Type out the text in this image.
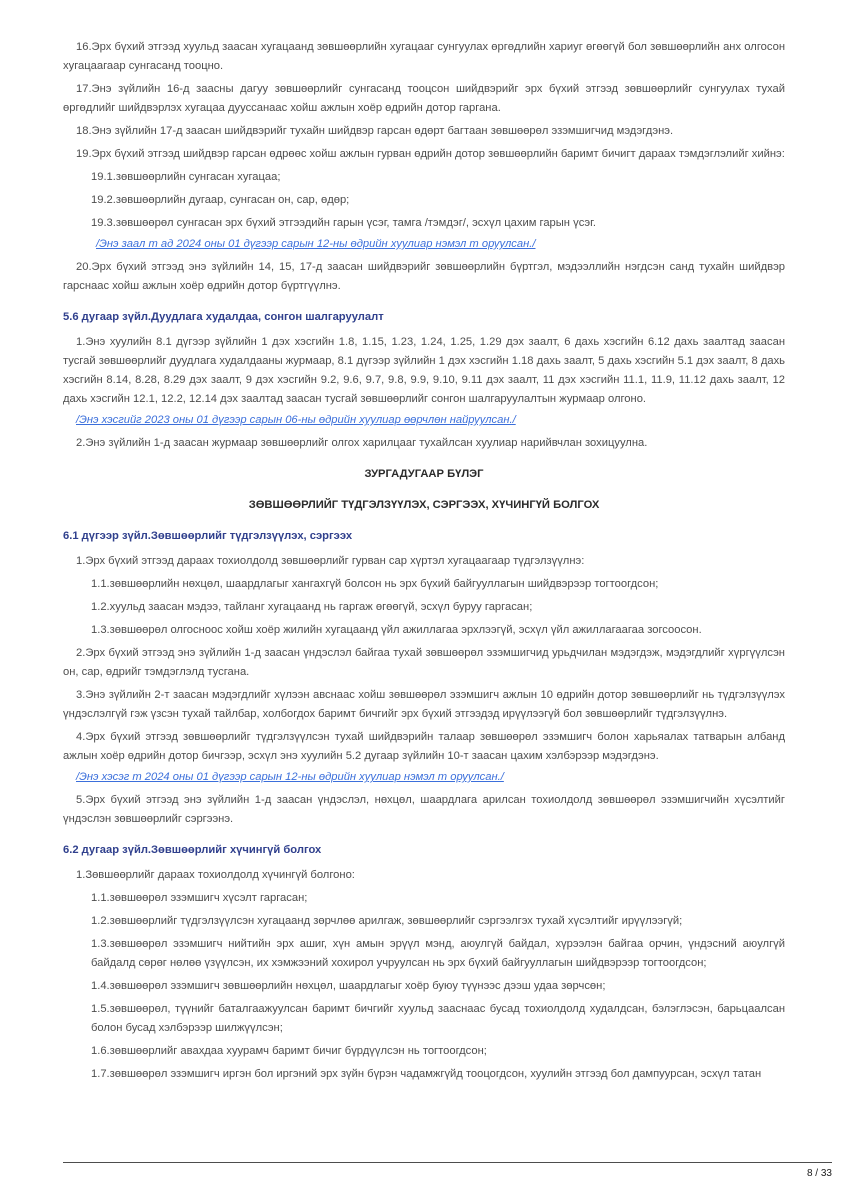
16.Эрх бүхий этгээд хуульд заасан хугацаанд зөвшөөрлийн хугацааг сунгуулах өргөдлийн хариуг өгөөгүй бол зөвшөөрлийн анх олгосон хугацаагаар сунгасанд тооцно.
17.Энэ зүйлийн 16-д заасны дагуу зөвшөөрлийг сунгасанд тооцсон шийдвэрийг эрх бүхий этгээд зөвшөөрлийг сунгуулах тухай өргөдлийг шийдвэрлэх хугацаа дууссанаас хойш ажлын хоёр өдрийн дотор гаргана.
18.Энэ зүйлийн 17-д заасан шийдвэрийг тухайн шийдвэр гарсан өдөрт багтаан зөвшөөрөл эзэмшигчид мэдэгдэнэ.
19.Эрх бүхий этгээд шийдвэр гарсан өдрөөс хойш ажлын гурван өдрийн дотор зөвшөөрлийн баримт бичигт дараах тэмдэглэлийг хийнэ:
19.1.зөвшөөрлийн сунгасан хугацаа;
19.2.зөвшөөрлийн дугаар, сунгасан он, сар, өдөр;
19.3.зөвшөөрөл сунгасан эрх бүхий этгээдийн гарын үсэг, тамга /тэмдэг/, эсхүл цахим гарын үсэг.
/Энэ заал т ад 2024 оны 01 дүгээр сарын 12-ны өдрийн хуулиар нэмэл т оруулсан./
20.Эрх бүхий этгээд энэ зүйлийн 14, 15, 17-д заасан шийдвэрийг зөвшөөрлийн бүртгэл, мэдээллийн нэгдсэн санд тухайн шийдвэр гарснаас хойш ажлын хоёр өдрийн дотор бүртгүүлнэ.
5.6 дугаар зүйл.Дуудлага худалдаа, сонгон шалгаруулалт
1.Энэ хуулийн 8.1 дүгээр зүйлийн 1 дэх хэсгийн 1.8, 1.15, 1.23, 1.24, 1.25, 1.29 дэх заалт, 6 дахь хэсгийн 6.12 дахь заалтад заасан тусгай зөвшөөрлийг дуудлага худалдааны журмаар, 8.1 дүгээр зүйлийн 1 дэх хэсгийн 1.18 дахь заалт, 5 дахь хэсгийн 5.1 дэх заалт, 8 дахь хэсгийн 8.14, 8.28, 8.29 дэх заалт, 9 дэх хэсгийн 9.2, 9.6, 9.7, 9.8, 9.9, 9.10, 9.11 дэх заалт, 11 дэх хэсгийн 11.1, 11.9, 11.12 дахь заалт, 12 дахь хэсгийн 12.1, 12.2, 12.14 дэх заалтад заасан тусгай зөвшөөрлийг сонгон шалгаруулалтын журмаар олгоно.
/Энэ хэсгийг 2023 оны 01 дүгээр сарын 06-ны өдрийн хуулиар өөрчлөн найруулсан./
2.Энэ зүйлийн 1-д заасан журмаар зөвшөөрлийг олгох харилцааг тухайлсан хуулиар нарийвчлан зохицуулна.
ЗУРГАДУГААР БҮЛЭГ
ЗӨВШӨӨРЛИЙГ ТҮДГЭЛЗҮҮЛЭХ, СЭРГЭЭХ, ХҮЧИНГҮЙ БОЛГОХ
6.1 дүгээр зүйл.Зөвшөөрлийг түдгэлзүүлэх, сэргээх
1.Эрх бүхий этгээд дараах тохиолдолд зөвшөөрлийг гурван сар хүртэл хугацаагаар түдгэлзүүлнэ:
1.1.зөвшөөрлийн нөхцөл, шаардлагыг хангахгүй болсон нь эрх бүхий байгууллагын шийдвэрээр тогтоогдсон;
1.2.хуульд заасан мэдээ, тайланг хугацаанд нь гаргаж өгөөгүй, эсхүл буруу гаргасан;
1.3.зөвшөөрөл олгосноос хойш хоёр жилийн хугацаанд үйл ажиллагаа эрхлээгүй, эсхүл үйл ажиллагаагаа зогсоосон.
2.Эрх бүхий этгээд энэ зүйлийн 1-д заасан үндэслэл байгаа тухай зөвшөөрөл эзэмшигчид урьдчилан мэдэгдэж, мэдэгдлийг хүргүүлсэн он, сар, өдрийг тэмдэглэлд тусгана.
3.Энэ зүйлийн 2-т заасан мэдэгдлийг хүлээн авснаас хойш зөвшөөрөл эзэмшигч ажлын 10 өдрийн дотор зөвшөөрлийг нь түдгэлзүүлэх үндэслэлгүй гэж үзсэн тухай тайлбар, холбогдох баримт бичгийг эрх бүхий этгээдэд ирүүлээгүй бол зөвшөөрлийг түдгэлзүүлнэ.
4.Эрх бүхий этгээд зөвшөөрлийг түдгэлзүүлсэн тухай шийдвэрийн талаар зөвшөөрөл эзэмшигч болон харьяалах татварын албанд ажлын хоёр өдрийн дотор бичгээр, эсхүл энэ хуулийн 5.2 дугаар зүйлийн 10-т заасан цахим хэлбэрээр мэдэгдэнэ.
/Энэ хэсэг т 2024 оны 01 дүгээр сарын 12-ны өдрийн хуулиар нэмэл т оруулсан./
5.Эрх бүхий этгээд энэ зүйлийн 1-д заасан үндэслэл, нөхцөл, шаардлага арилсан тохиолдолд зөвшөөрөл эзэмшигчийн хүсэлтийг үндэслэн зөвшөөрлийг сэргээнэ.
6.2 дугаар зүйл.Зөвшөөрлийг хүчингүй болгох
1.Зөвшөөрлийг дараах тохиолдолд хүчингүй болгоно:
1.1.зөвшөөрөл эзэмшигч хүсэлт гаргасан;
1.2.зөвшөөрлийг түдгэлзүүлсэн хугацаанд зөрчлөө арилгаж, зөвшөөрлийг сэргээлгэх тухай хүсэлтийг ирүүлээгүй;
1.3.зөвшөөрөл эзэмшигч нийтийн эрх ашиг, хүн амын эрүүл мэнд, аюулгүй байдал, хүрээлэн байгаа орчин, үндэсний аюулгүй байдалд сөрөг нөлөө үзүүлсэн, их хэмжээний хохирол учруулсан нь эрх бүхий байгууллагын шийдвэрээр тогтоогдсон;
1.4.зөвшөөрөл эзэмшигч зөвшөөрлийн нөхцөл, шаардлагыг хоёр буюу түүнээс дээш удаа зөрчсөн;
1.5.зөвшөөрөл, түүнийг баталгаажуулсан баримт бичгийг хуульд зааснаас бусад тохиолдолд худалдсан, бэлэглэсэн, барьцаалсан болон бусад хэлбэрээр шилжүүлсэн;
1.6.зөвшөөрлийг авахдаа хуурамч баримт бичиг бүрдүүлсэн нь тогтоогдсон;
1.7.зөвшөөрөл эзэмшигч иргэн бол иргэний эрх зүйн бүрэн чадамжгүйд тооцогдсон, хуулийн этгээд бол дампуурсан, эсхүл татан
8 / 33
